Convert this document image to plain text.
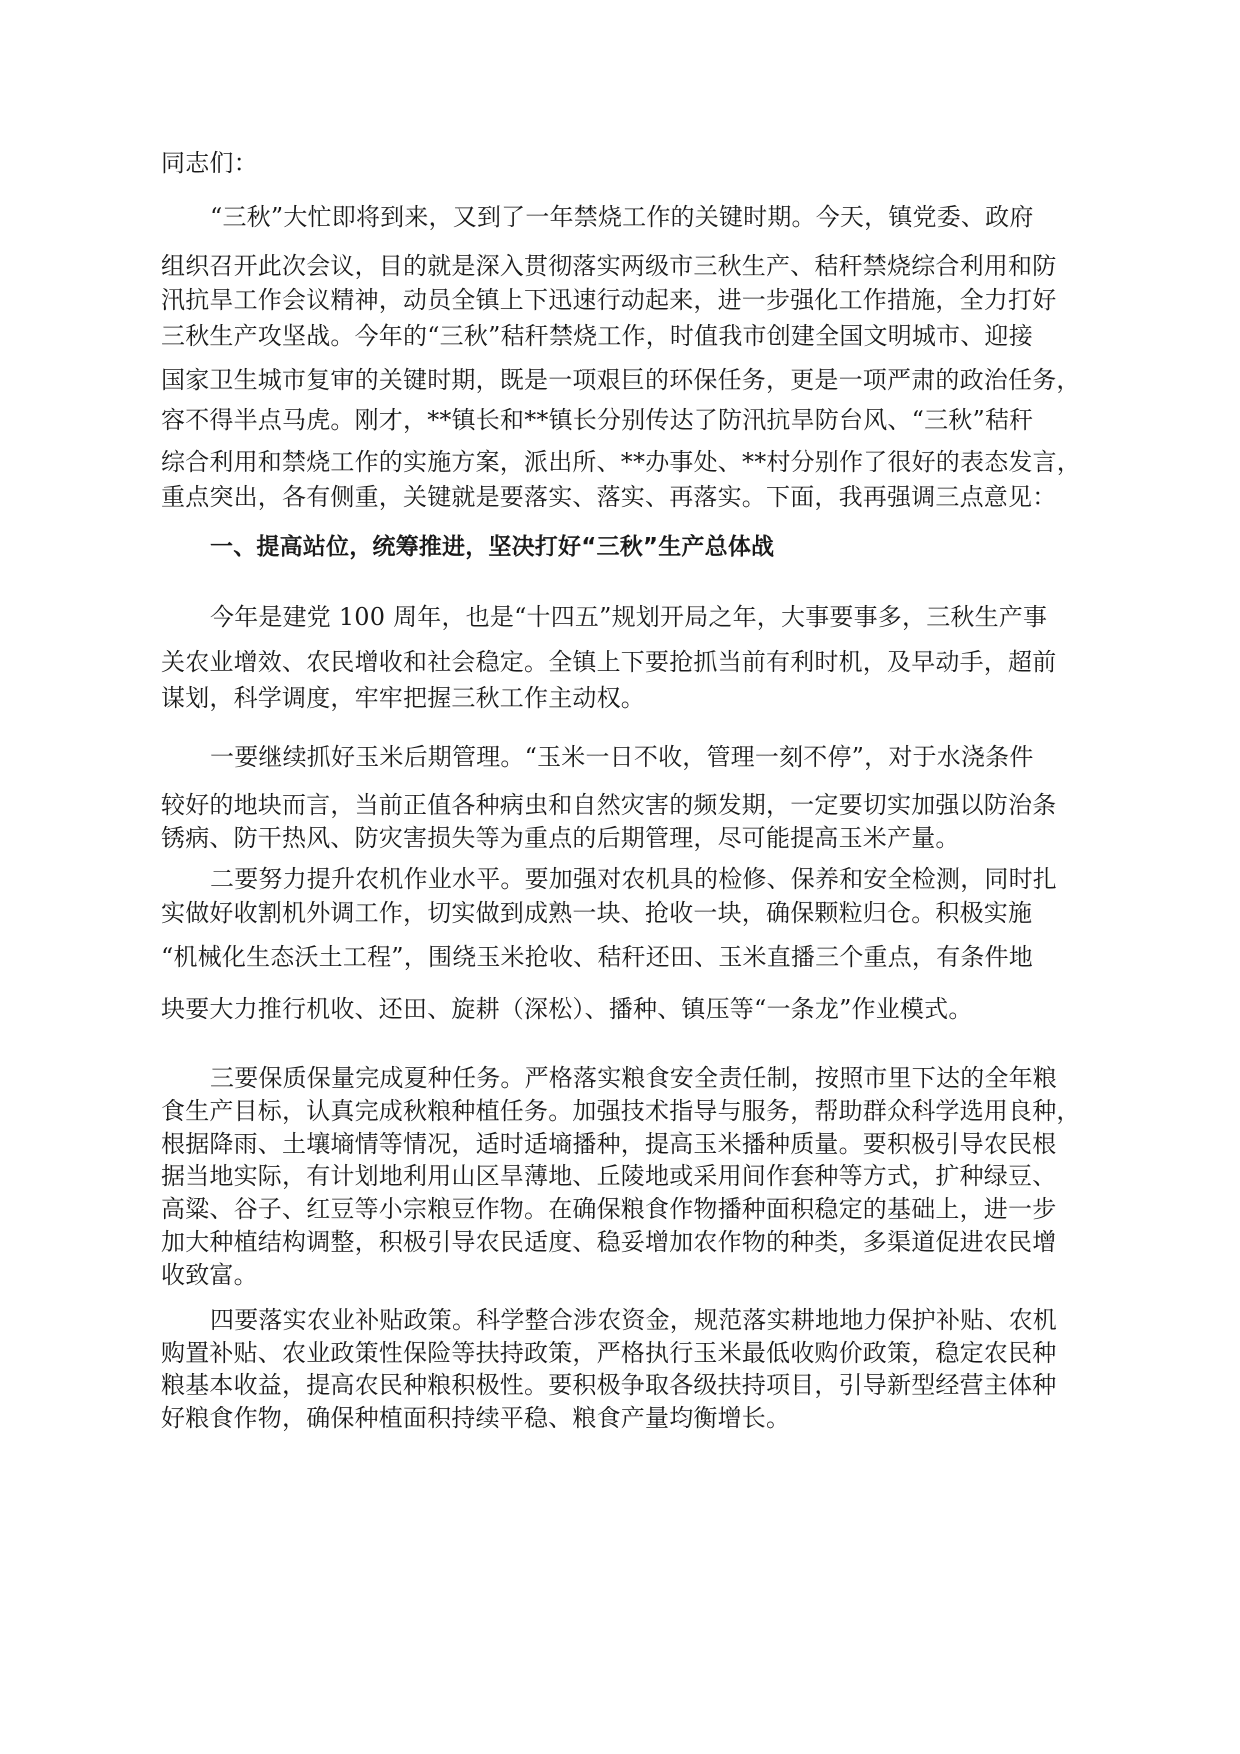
同志们：
“三秋”大忙即将到来，又到了一年禁烧工作的关键时期。今天，镇党委、政府
组织召开此次会议，目的就是深入贯彻落实两级市三秋生产、秸秆禁烧综合利用和防
汛抗旱工作会议精神，动员全镇上下迅速行动起来，进一步强化工作措施，全力打好
三秋生产攻坚战。今年的“三秋”秸秆禁烧工作，时值我市创建全国文明城市、迎接
国家卫生城市复审的关键时期，既是一项艰巨的环保任务，更是一项严肃的政治任务，
容不得半点马虎。刚才，**镇长和**镇长分别传达了防汛抗旱防台风、“三秋”秸秆
综合利用和禁烧工作的实施方案，派出所、**办事处、**村分别作了很好的表态发言，
重点突出，各有侧重，关键就是要落实、落实、再落实。下面，我再强调三点意见：
一、提高站位，统筹推进，坚决打好“三秋”生产总体战
今年是建党 100 周年，也是“十四五”规划开局之年，大事要事多，三秋生产事
关农业增效、农民增收和社会稳定。全镇上下要抢抓当前有利时机，及早动手，超前
谋划，科学调度，牢牢把握三秋工作主动权。
一要继续抓好玉米后期管理。“玉米一日不收，管理一刻不停”，对于水浇条件
较好的地块而言，当前正值各种病虫和自然灾害的频发期，一定要切实加强以防治条
锈病、防干热风、防灾害损失等为重点的后期管理，尽可能提高玉米产量。
二要努力提升农机作业水平。要加强对农机具的检修、保养和安全检测，同时扎
实做好收割机外调工作，切实做到成熟一块、抢收一块，确保颗粒归仓。积极实施
“机械化生态沃土工程”，围绕玉米抢收、秸秆还田、玉米直播三个重点，有条件地
块要大力推行机收、还田、旋耕（深松）、播种、镇压等“一条龙”作业模式。
三要保质保量完成夏种任务。严格落实粮食安全责任制，按照市里下达的全年粮
食生产目标，认真完成秋粮种植任务。加强技术指导与服务，帮助群众科学选用良种，
根据降雨、土壤墒情等情况，适时适墒播种，提高玉米播种质量。要积极引导农民根
据当地实际，有计划地利用山区旱薄地、丘陵地或采用间作套种等方式，扩种绿豆、
高粱、谷子、红豆等小宗粮豆作物。在确保粮食作物播种面积稳定的基础上，进一步
加大种植结构调整，积极引导农民适度、稳妥增加农作物的种类，多渠道促进农民增
收致富。
四要落实农业补贴政策。科学整合涉农资金，规范落实耕地地力保护补贴、农机
购置补贴、农业政策性保险等扶持政策，严格执行玉米最低收购价政策，稳定农民种
粮基本收益，提高农民种粮积极性。要积极争取各级扶持项目，引导新型经营主体种
好粮食作物，确保种植面积持续平稳、粮食产量均衡增长。
